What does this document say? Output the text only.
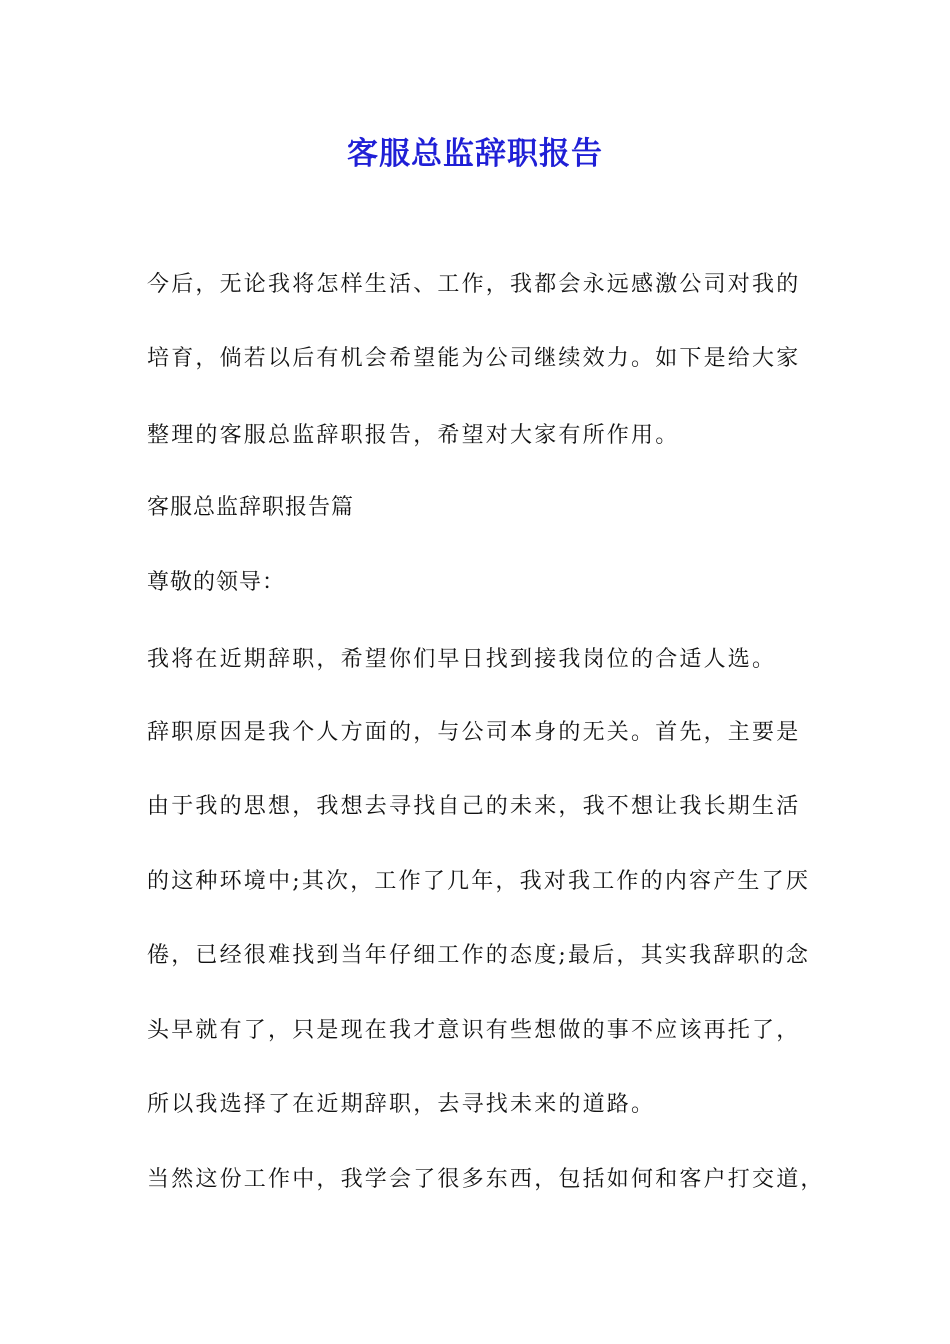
客服总监辞职报告
今后，无论我将怎样生活、工作，我都会永远感激公司对我的
培育，倘若以后有机会希望能为公司继续效力。如下是给大家
整理的客服总监辞职报告，希望对大家有所作用。
客服总监辞职报告篇
尊敬的领导：
我将在近期辞职，希望你们早日找到接我岗位的合适人选。
辞职原因是我个人方面的，与公司本身的无关。首先，主要是
由于我的思想，我想去寻找自己的未来，我不想让我长期生活
的这种环境中;其次，工作了几年，我对我工作的内容产生了厌
倦，已经很难找到当年仔细工作的态度;最后，其实我辞职的念
头早就有了，只是现在我才意识有些想做的事不应该再托了，
所以我选择了在近期辞职，去寻找未来的道路。
当然这份工作中，我学会了很多东西，包括如何和客户打交道，
